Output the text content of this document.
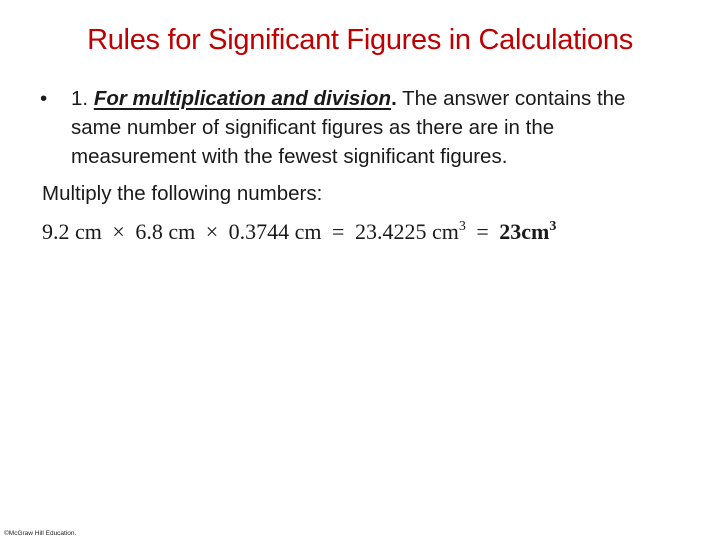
Rules for Significant Figures in Calculations
• 1. For multiplication and division. The answer contains the same number of significant figures as there are in the measurement with the fewest significant figures.
Multiply the following numbers:
9.2 cm × 6.8 cm × 0.3744 cm = 23.4225 $cm^3 = 23cm^3$
©McGraw Hill Education.
